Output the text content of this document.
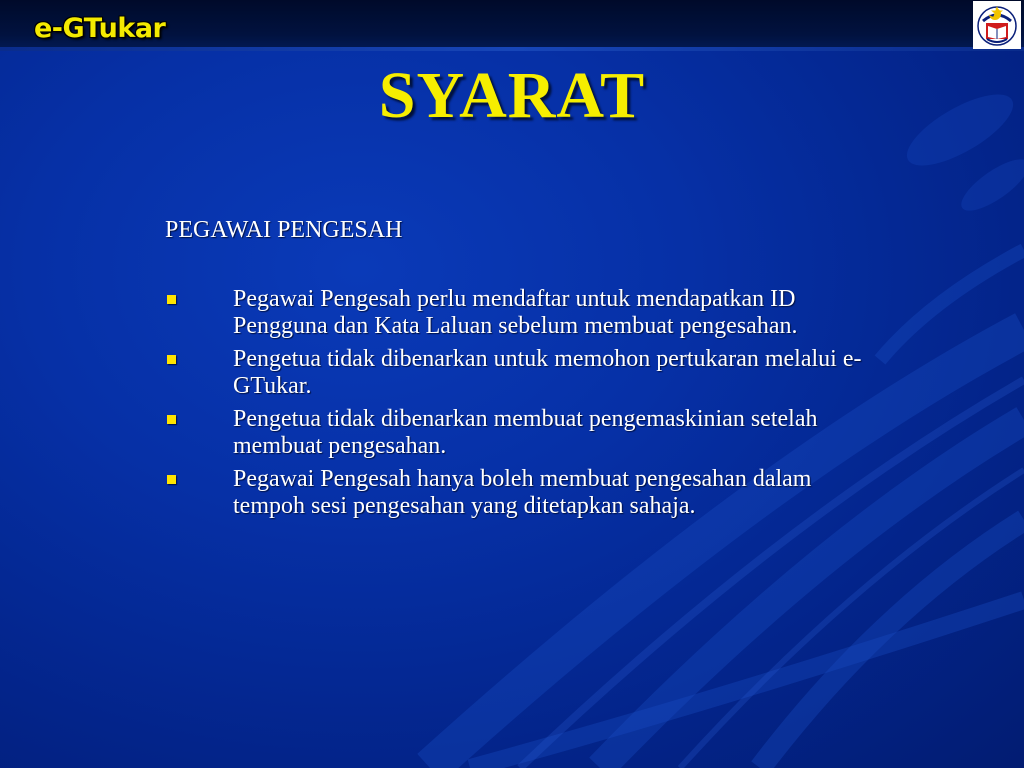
e-GTukar
SYARAT
PEGAWAI PENGESAH
Pegawai Pengesah perlu mendaftar untuk mendapatkan ID Pengguna dan Kata Laluan sebelum membuat pengesahan.
Pengetua tidak dibenarkan untuk memohon pertukaran melalui e-GTukar.
Pengetua tidak dibenarkan membuat pengemaskinian setelah membuat pengesahan.
Pegawai Pengesah hanya boleh membuat pengesahan dalam tempoh sesi pengesahan yang ditetapkan sahaja.
